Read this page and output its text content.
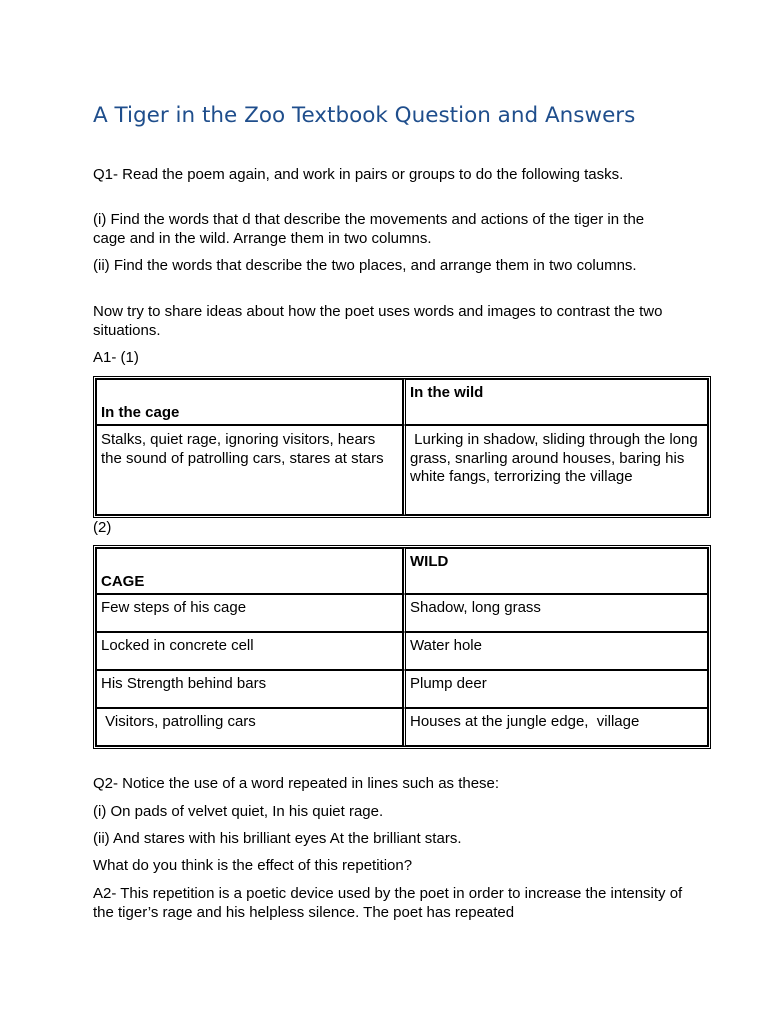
A Tiger in the Zoo Textbook Question and Answers

Q1- Read the poem again, and work in pairs or groups to do the following tasks.

(i) Find the words that d that describe the movements and actions of the tiger in the cage and in the wild. Arrange them in two columns.

(ii) Find the words that describe the two places, and arrange them in two columns.

Now try to share ideas about how the poet uses words and images to contrast the two situations.

A1- (1)

In the cage	In the wild
Stalks, quiet rage, ignoring visitors, hears the sound of patrolling cars, stares at stars	Lurking in shadow, sliding through the long grass, snarling around houses, baring his white fangs, terrorizing the village

(2)

CAGE	WILD
Few steps of his cage	Shadow, long grass
Locked in concrete cell	Water hole
His Strength behind bars	Plump deer
Visitors, patrolling cars	Houses at the jungle edge,  village

Q2- Notice the use of a word repeated in lines such as these:

(i) On pads of velvet quiet, In his quiet rage.

(ii) And stares with his brilliant eyes At the brilliant stars.

What do you think is the effect of this repetition?

A2- This repetition is a poetic device used by the poet in order to increase the intensity of the tiger’s rage and his helpless silence. The poet has repeated
